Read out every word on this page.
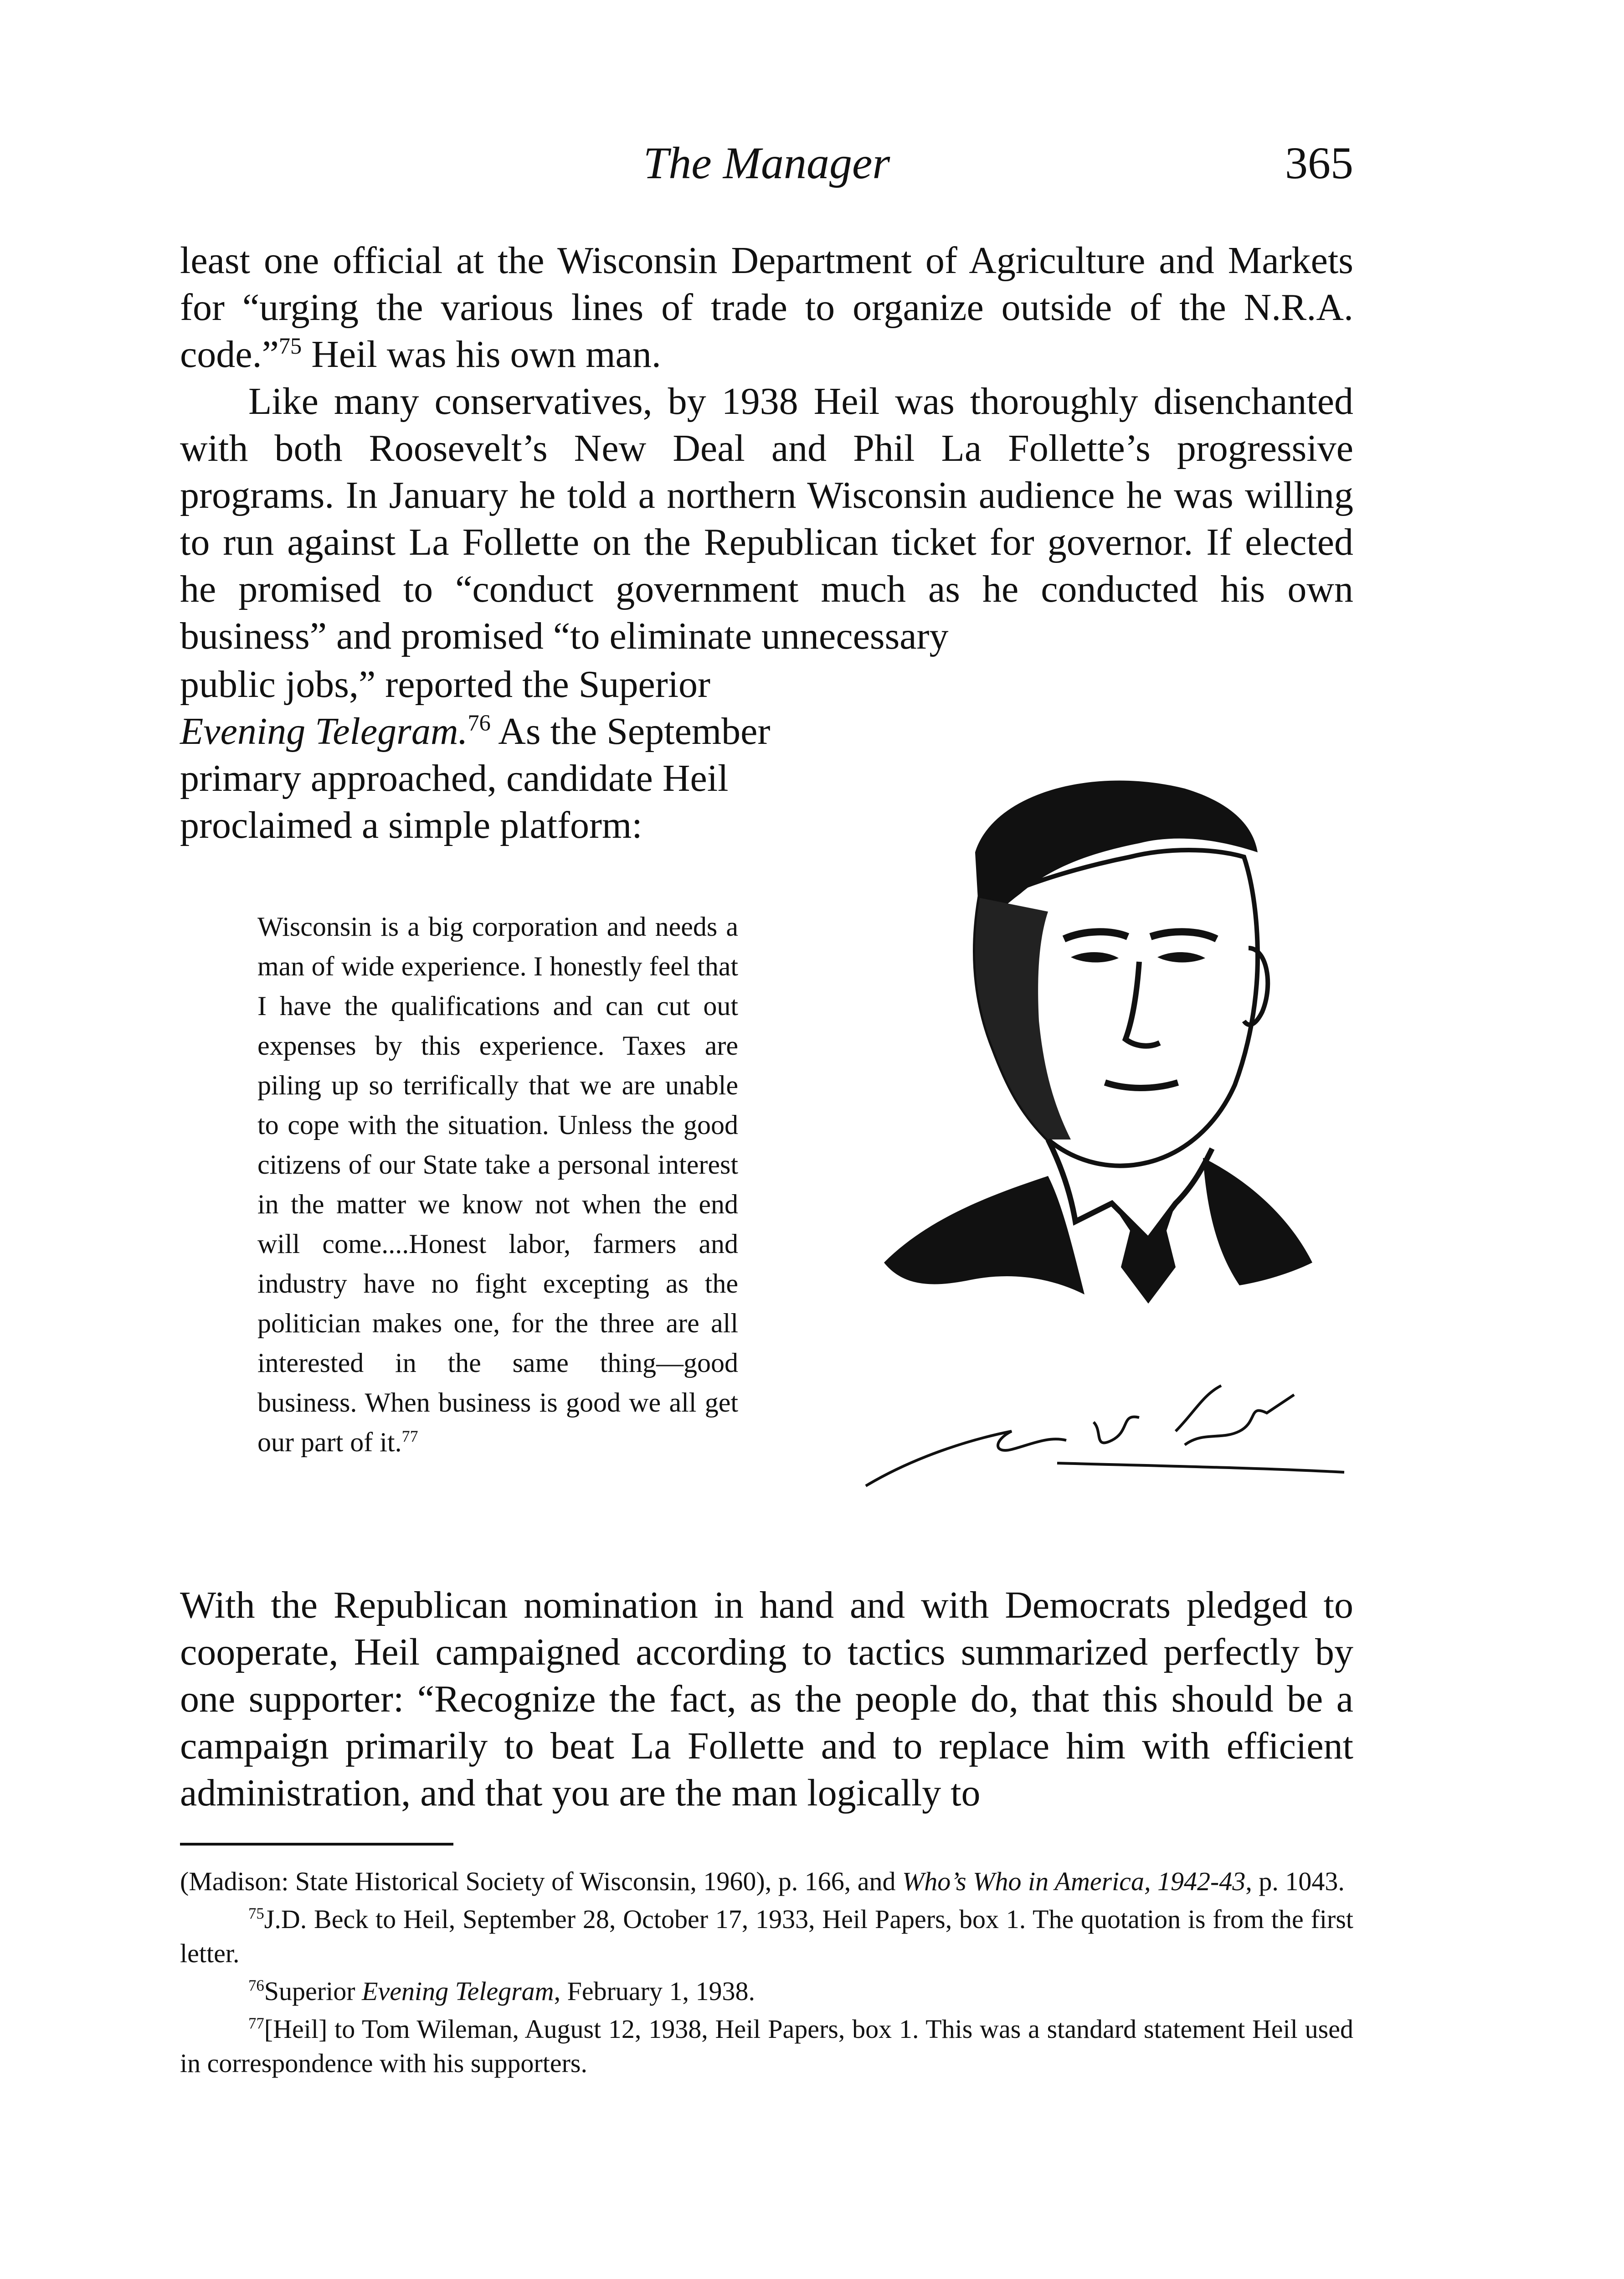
The Manager	365

least one official at the Wisconsin Department of Agriculture and Markets for “urging the various lines of trade to organize outside of the N.R.A. code.”$^{75}$ Heil was his own man.

Like many conservatives, by 1938 Heil was thoroughly disenchanted with both Roosevelt’s New Deal and Phil La Follette’s progressive programs. In January he told a northern Wisconsin audience he was willing to run against La Follette on the Republican ticket for governor. If elected he promised to “conduct government much as he conducted his own business” and promised “to eliminate unnecessary

public jobs,” reported the Superior Evening Telegram.$^{76}$ As the September primary approached, candidate Heil proclaimed a simple platform:
Wisconsin is a big corporation and needs a man of wide experience. I honestly feel that I have the qualifications and can cut out expenses by this experience. Taxes are piling up so terrifically that we are unable to cope with the situation. Unless the good citizens of our State take a personal interest in the matter we know not when the end will come....Honest labor, farmers and industry have no fight excepting as the politician makes one, for the three are all interested in the same thing—good business. When business is good we all get our part of it.$^{77}$
J. P. Heil

With the Republican nomination in hand and with Democrats pledged to cooperate, Heil campaigned according to tactics summarized perfectly by one supporter: “Recognize the fact, as the people do, that this should be a campaign primarily to beat La Follette and to replace him with efficient administration, and that you are the man logically to

(Madison: State Historical Society of Wisconsin, 1960), p. 166, and Who’s Who in America, 1942-43, p. 1043.

$^{75}$J.D. Beck to Heil, September 28, October 17, 1933, Heil Papers, box 1. The quotation is from the first letter.

$^{76}$Superior Evening Telegram, February 1, 1938.

$^{77}$[Heil] to Tom Wileman, August 12, 1938, Heil Papers, box 1. This was a standard statement Heil used in correspondence with his supporters.
